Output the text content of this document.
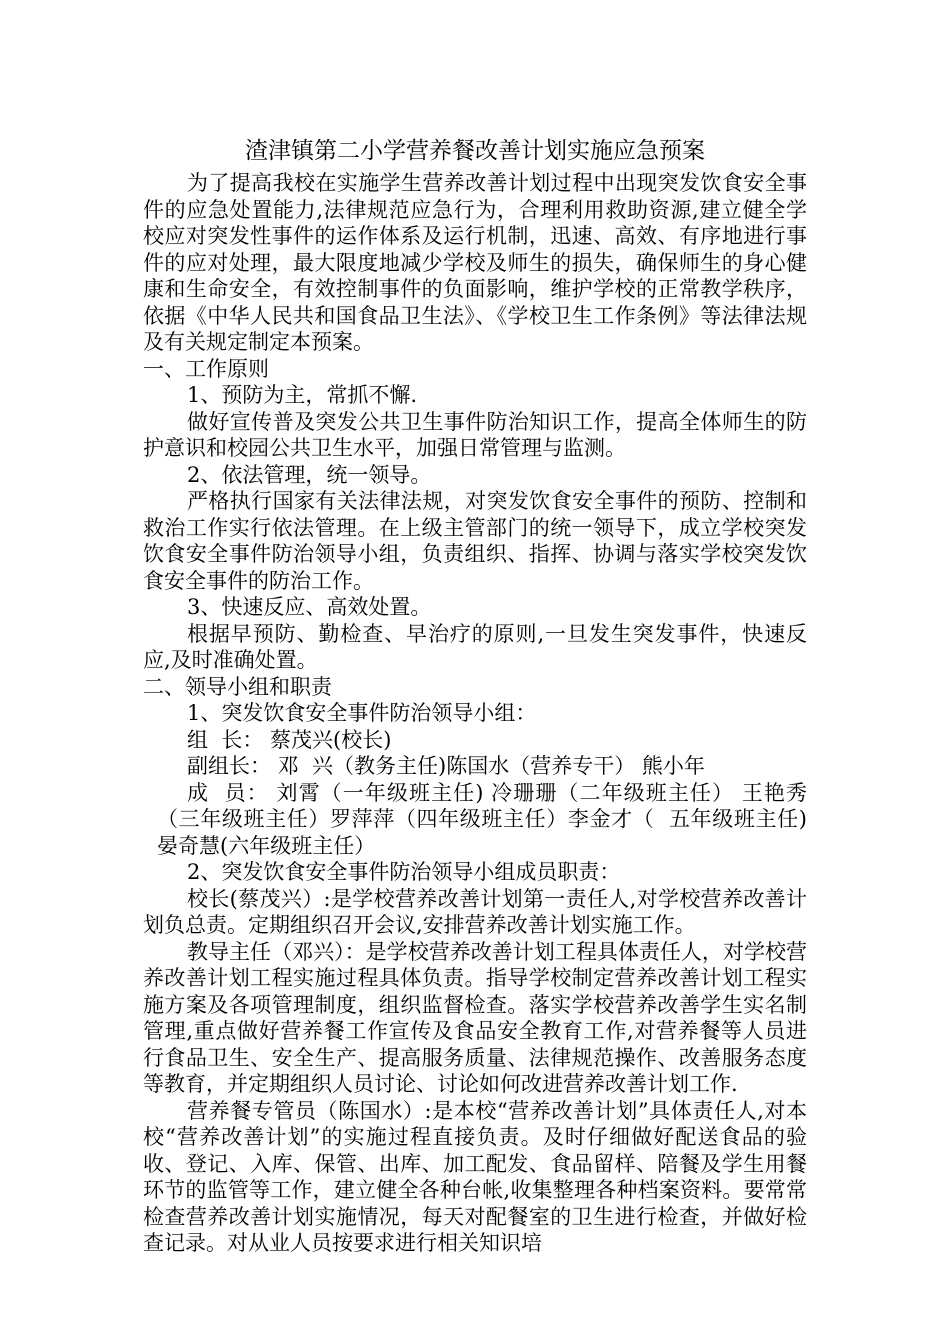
渣津镇第二小学营养餐改善计划实施应急预案

为了提高我校在实施学生营养改善计划过程中出现突发饮食安全事件的应急处置能力,法律规范应急行为，合理利用救助资源,建立健全学校应对突发性事件的运作体系及运行机制，迅速、高效、有序地进行事件的应对处理，最大限度地减少学校及师生的损失，确保师生的身心健康和生命安全，有效控制事件的负面影响，维护学校的正常教学秩序，依据《中华人民共和国食品卫生法》、《学校卫生工作条例》等法律法规及有关规定制定本预案。

一、工作原则

1、预防为主，常抓不懈.

做好宣传普及突发公共卫生事件防治知识工作，提高全体师生的防护意识和校园公共卫生水平，加强日常管理与监测。

2、依法管理，统一领导。

严格执行国家有关法律法规，对突发饮食安全事件的预防、控制和救治工作实行依法管理。在上级主管部门的统一领导下，成立学校突发饮食安全事件防治领导小组，负责组织、指挥、协调与落实学校突发饮食安全事件的防治工作。

3、快速反应、高效处置。

根据早预防、勤检查、早治疗的原则,一旦发生突发事件，快速反应,及时准确处置。

二、领导小组和职责

1、突发饮食安全事件防治领导小组：

组  长： 蔡茂兴(校长)

副组长： 邓  兴（教务主任)陈国水（营养专干） 熊小年

成  员： 刘霄（一年级班主任) 冷珊珊（二年级班主任） 王艳秀（三年级班主任）罗萍萍（四年级班主任）李金才（  五年级班主任) 晏奇慧(六年级班主任）

2、突发饮食安全事件防治领导小组成员职责：

校长(蔡茂兴）:是学校营养改善计划第一责任人,对学校营养改善计划负总责。定期组织召开会议,安排营养改善计划实施工作。

教导主任（邓兴）：是学校营养改善计划工程具体责任人，对学校营养改善计划工程实施过程具体负责。指导学校制定营养改善计划工程实施方案及各项管理制度，组织监督检查。落实学校营养改善学生实名制管理,重点做好营养餐工作宣传及食品安全教育工作,对营养餐等人员进行食品卫生、安全生产、提高服务质量、法律规范操作、改善服务态度等教育，并定期组织人员讨论、讨论如何改进营养改善计划工作.

营养餐专管员（陈国水）:是本校“营养改善计划”具体责任人,对本校“营养改善计划”的实施过程直接负责。及时仔细做好配送食品的验收、登记、入库、保管、出库、加工配发、食品留样、陪餐及学生用餐环节的监管等工作，建立健全各种台帐,收集整理各种档案资料。要常常检查营养改善计划实施情况，每天对配餐室的卫生进行检查，并做好检查记录。对从业人员按要求进行相关知识培
